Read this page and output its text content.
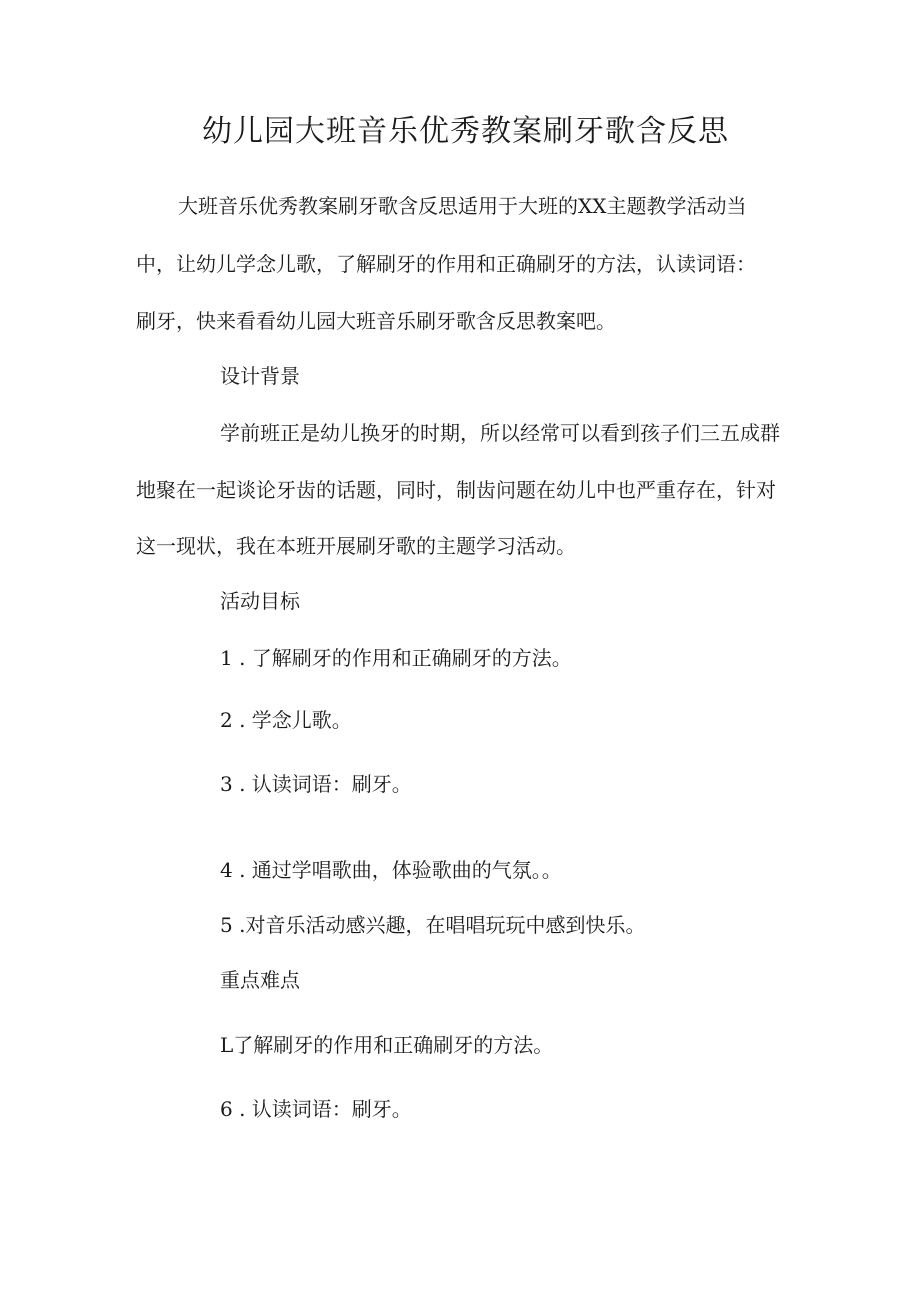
幼儿园大班音乐优秀教案刷牙歌含反思
大班音乐优秀教案刷牙歌含反思适用于大班的XX主题教学活动当
中，让幼儿学念儿歌，了解刷牙的作用和正确刷牙的方法，认读词语：
刷牙，快来看看幼儿园大班音乐刷牙歌含反思教案吧。
设计背景
学前班正是幼儿换牙的时期，所以经常可以看到孩子们三五成群
地聚在一起谈论牙齿的话题，同时，制齿问题在幼儿中也严重存在，针对
这一现状，我在本班开展刷牙歌的主题学习活动。
活动目标
1 . 了解刷牙的作用和正确刷牙的方法。
2 . 学念儿歌。
3 . 认读词语：刷牙。
4 . 通过学唱歌曲，体验歌曲的气氛。。
5 .对音乐活动感兴趣，在唱唱玩玩中感到快乐。
重点难点
L了解刷牙的作用和正确刷牙的方法。
6 . 认读词语：刷牙。
